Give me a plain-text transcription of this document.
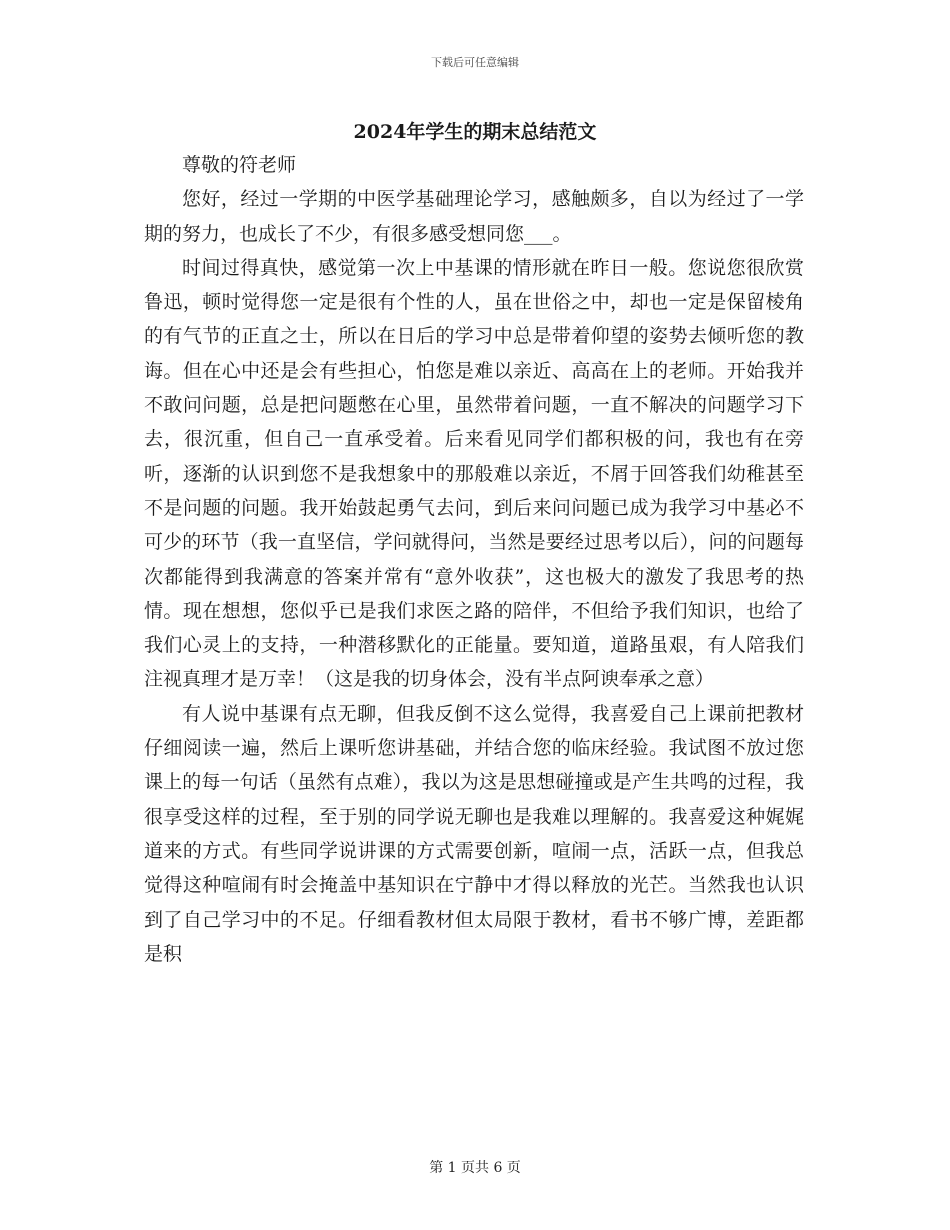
下载后可任意编辑
2024年学生的期末总结范文

尊敬的符老师

您好，经过一学期的中医学基础理论学习，感触颇多，自以为经过了一学期的努力，也成长了不少，有很多感受想同您___。

时间过得真快，感觉第一次上中基课的情形就在昨日一般。您说您很欣赏鲁迅，顿时觉得您一定是很有个性的人，虽在世俗之中，却也一定是保留棱角的有气节的正直之士，所以在日后的学习中总是带着仰望的姿势去倾听您的教诲。但在心中还是会有些担心，怕您是难以亲近、高高在上的老师。开始我并不敢问问题，总是把问题憋在心里，虽然带着问题，一直不解决的问题学习下去，很沉重，但自己一直承受着。后来看见同学们都积极的问，我也有在旁听，逐渐的认识到您不是我想象中的那般难以亲近，不屑于回答我们幼稚甚至不是问题的问题。我开始鼓起勇气去问，到后来问问题已成为我学习中基必不可少的环节（我一直坚信，学问就得问，当然是要经过思考以后），问的问题每次都能得到我满意的答案并常有“意外收获”，这也极大的激发了我思考的热情。现在想想，您似乎已是我们求医之路的陪伴，不但给予我们知识，也给了我们心灵上的支持，一种潜移默化的正能量。要知道，道路虽艰，有人陪我们注视真理才是万幸！（这是我的切身体会，没有半点阿谀奉承之意）

有人说中基课有点无聊，但我反倒不这么觉得，我喜爱自己上课前把教材仔细阅读一遍，然后上课听您讲基础，并结合您的临床经验。我试图不放过您课上的每一句话（虽然有点难），我以为这是思想碰撞或是产生共鸣的过程，我很享受这样的过程，至于别的同学说无聊也是我难以理解的。我喜爱这种娓娓道来的方式。有些同学说讲课的方式需要创新，喧闹一点，活跃一点，但我总觉得这种喧闹有时会掩盖中基知识在宁静中才得以释放的光芒。当然我也认识到了自己学习中的不足。仔细看教材但太局限于教材，看书不够广博，差距都是积

第 1 页共 6 页
